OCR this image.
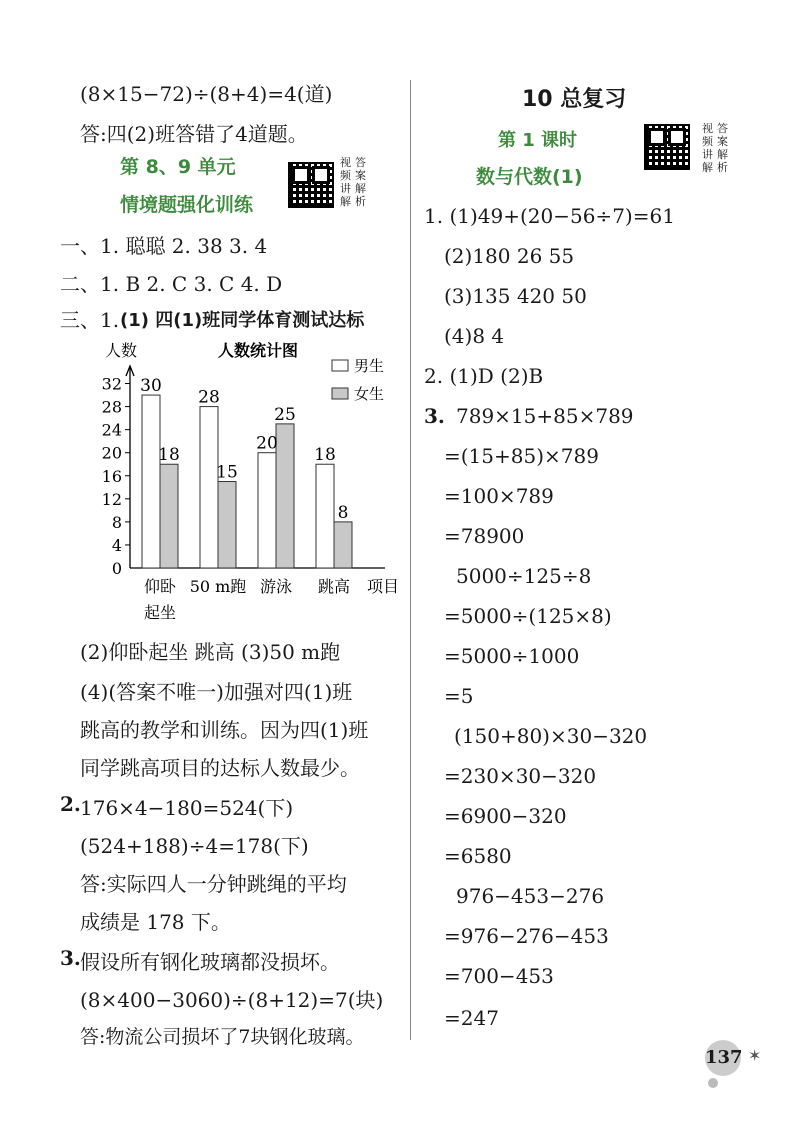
(8×15−72)÷(8+4)=4(道)
答:四(2)班答错了4道题。
第 8、9 单元
情境题强化训练
视答频案讲解解析
一、1. 聪聪 2. 38 3. 4
二、1. B 2. C 3. C 4. D
三、1. (1) 四(1)班同学体育测试达标
人数	人数统计图
男生
女生
4
8
12
16
20
24
28
32
0
30
18
仰卧
起坐
28
15
50 m跑
20
25
游泳
18
8
跳高 项目
(2)仰卧起坐 跳高 (3)50 m跑
(4)(答案不唯一)加强对四(1)班
跳高的教学和训练。因为四(1)班
同学跳高项目的达标人数最少。
2. 176×4−180=524(下)
(524+188)÷4=178(下)
答:实际四人一分钟跳绳的平均
成绩是 178 下。
3. 假设所有钢化玻璃都没损坏。
(8×400−3060)÷(8+12)=7(块)
答:物流公司损坏了7块钢化玻璃。
10 总复习
第 1 课时
数与代数(1)
视答频案讲解解析
1. (1)49+(20−56÷7)=61
(2)180 26 55
(3)135 420 50
(4)8 4
2. (1)D (2)B
3. 789×15+85×789
=(15+85)×789
=100×789
=78900
5000÷125÷8
=5000÷(125×8)
=5000÷1000
=5
(150+80)×30−320
=230×30−320
=6900−320
=6580
976−453−276
=976−276−453
=700−453
=247
137 ✶
